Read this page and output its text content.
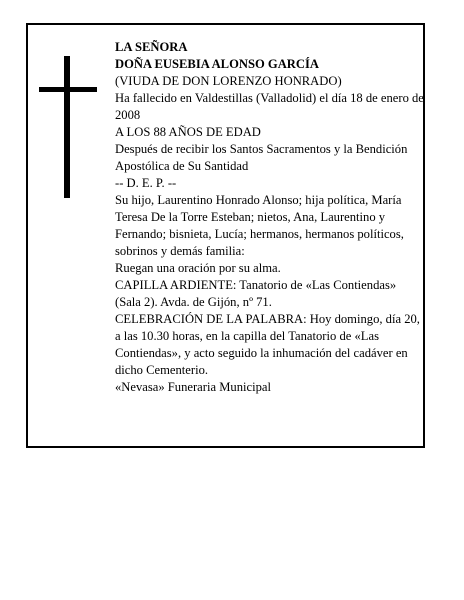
LA SEÑORA
DOÑA EUSEBIA ALONSO GARCÍA
(VIUDA DE DON LORENZO HONRADO)
Ha fallecido en Valdestillas (Valladolid) el día 18 de enero de 2008
A LOS 88 AÑOS DE EDAD
Después de recibir los Santos Sacramentos y la Bendición Apostólica de Su Santidad
-- D. E. P. --
Su hijo, Laurentino Honrado Alonso; hija política, María Teresa De la Torre Esteban; nietos, Ana, Laurentino y Fernando; bisnieta, Lucía; hermanos, hermanos políticos, sobrinos y demás familia:
Ruegan una oración por su alma.
CAPILLA ARDIENTE: Tanatorio de «Las Contiendas» (Sala 2). Avda. de Gijón, nº 71.
CELEBRACIÓN DE LA PALABRA: Hoy domingo, día 20, a las 10.30 horas, en la capilla del Tanatorio de «Las Contiendas», y acto seguido la inhumación del cadáver en dicho Cementerio.
«Nevasa» Funeraria Municipal
